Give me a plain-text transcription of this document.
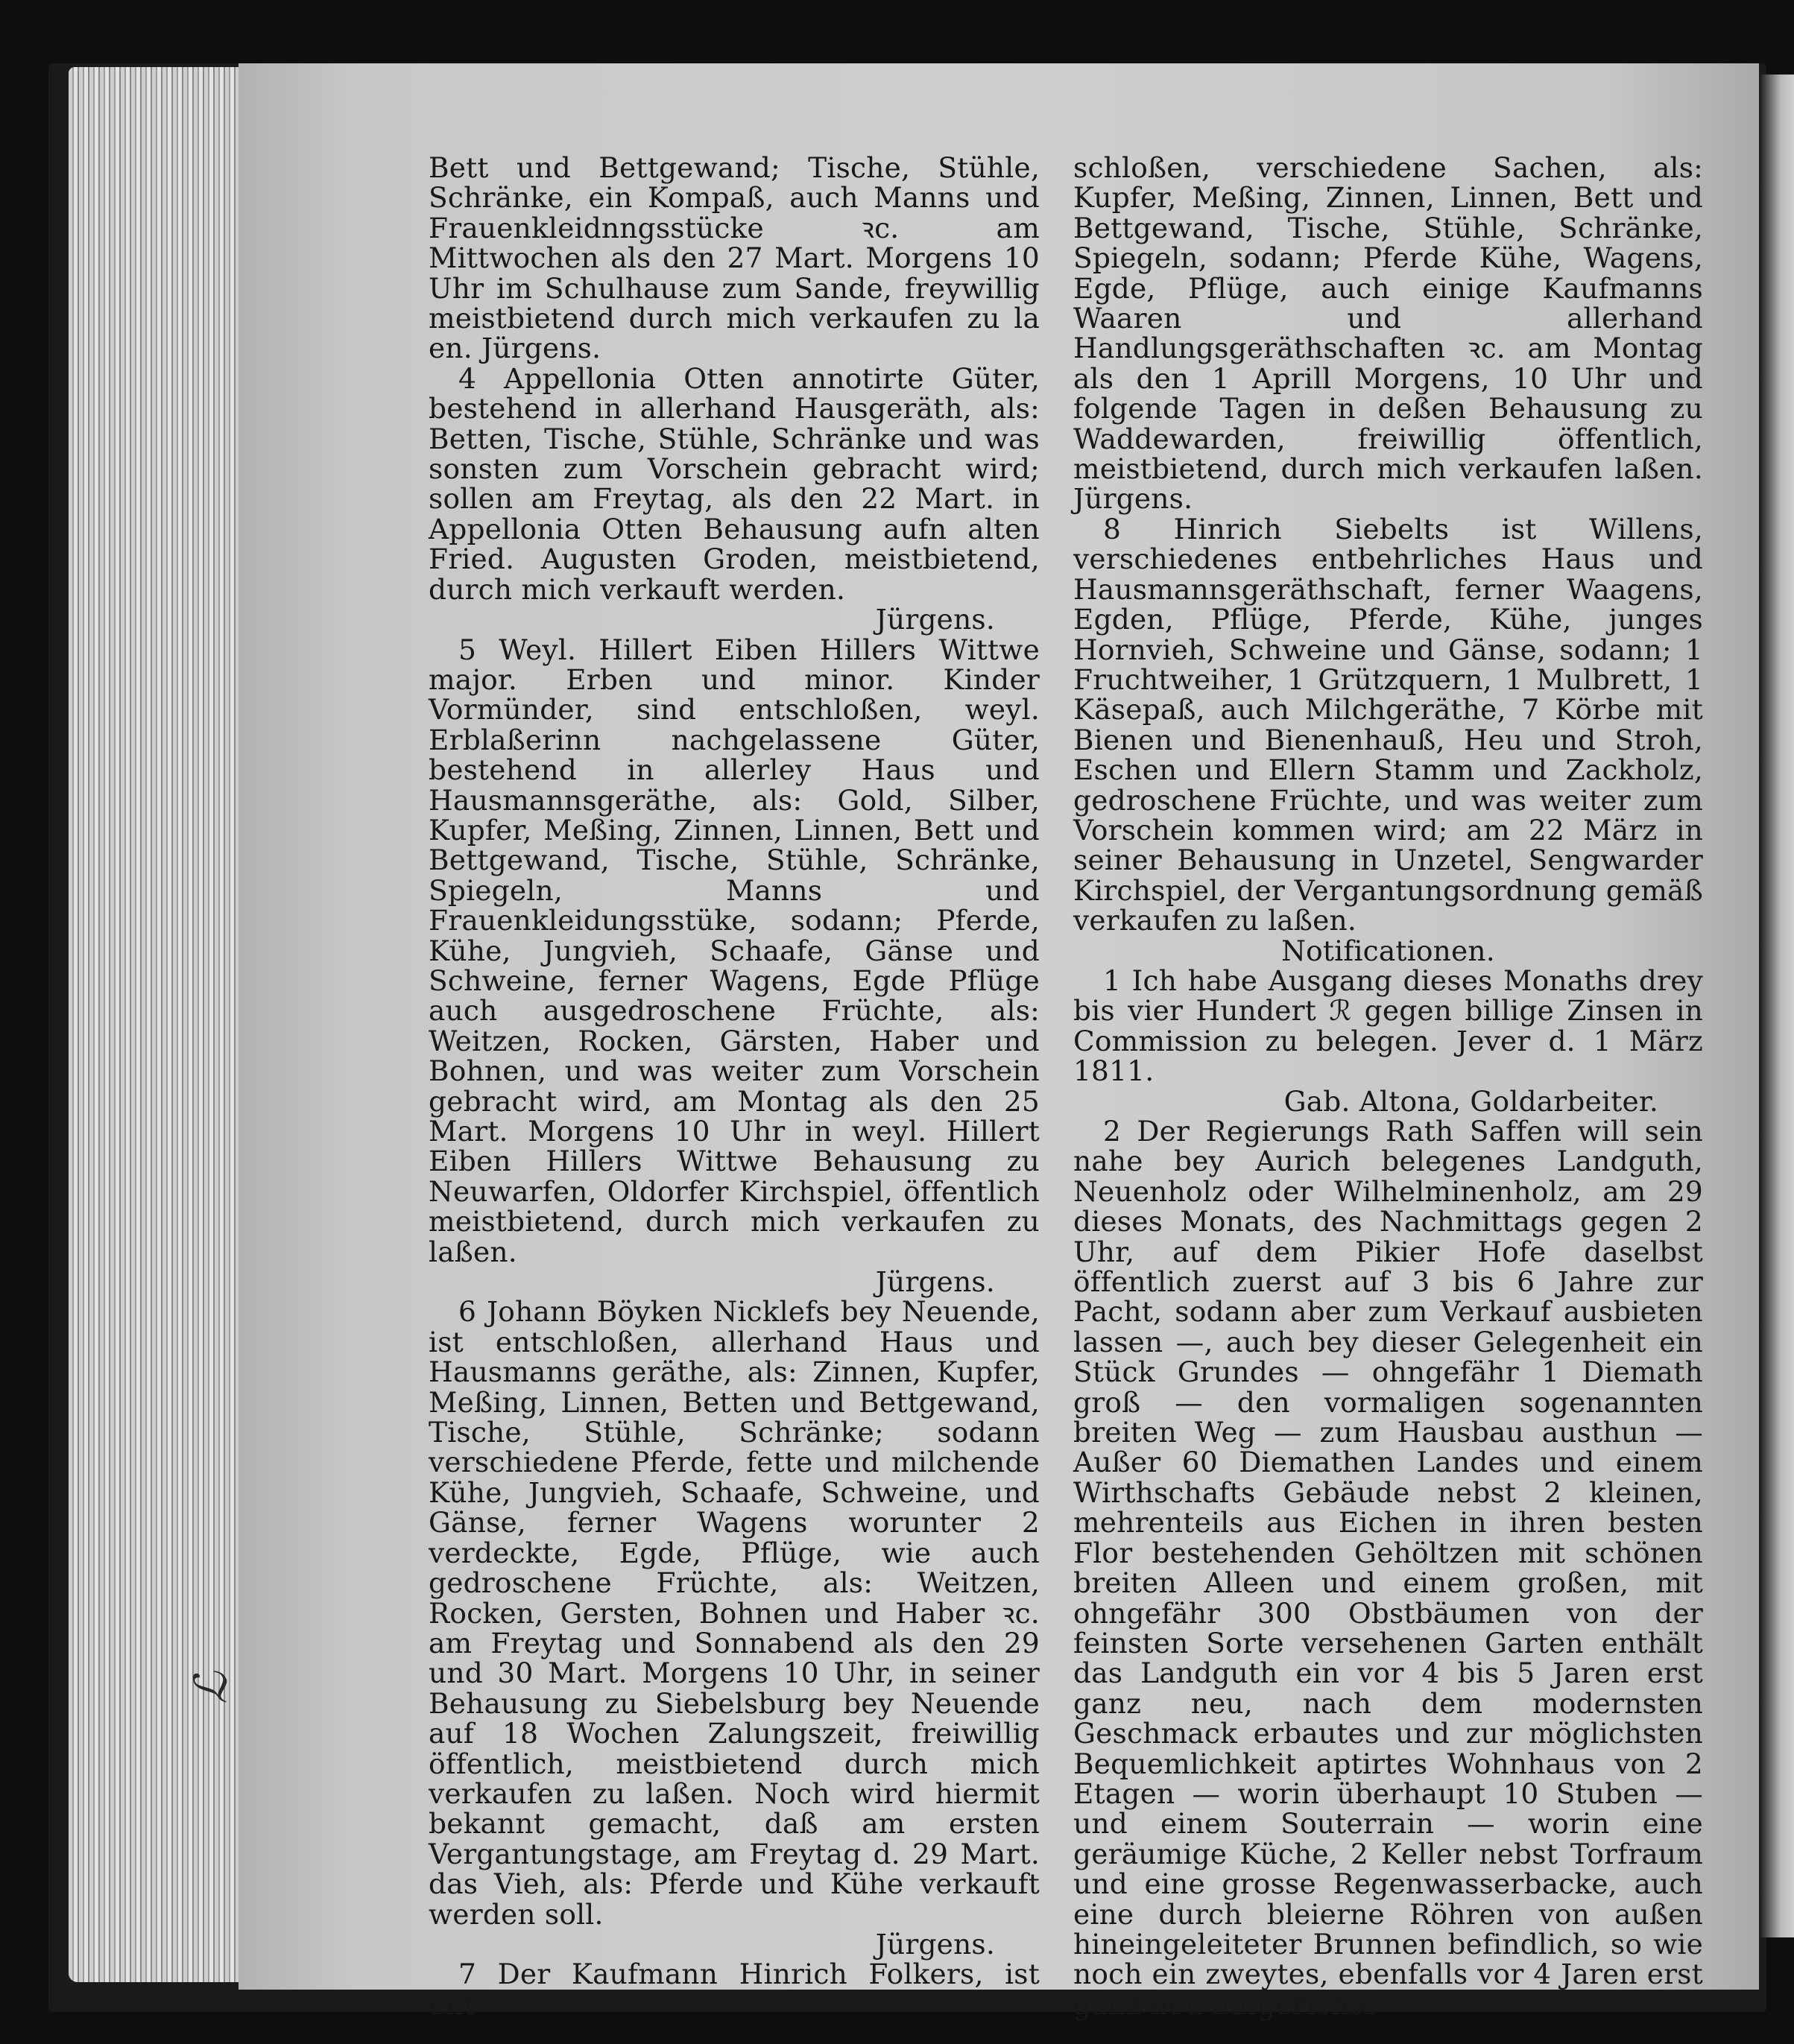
ℒ

Bett und Bettgewand; Tische, Stühle, Schränke, ein Kompaß, auch Manns und Frauenkleidnngsstücke ꝛc. am Mittwochen als den 27 Mart. Morgens 10 Uhr im Schulhause zum Sande, freywillig meistbietend durch mich verkaufen zu la en. Jürgens.

4 Appellonia Otten annotirte Güter, bestehend in allerhand Hausgeräth, als: Betten, Tische, Stühle, Schränke und was sonsten zum Vorschein gebracht wird; sollen am Freytag, als den 22 Mart. in Appellonia Otten Behausung aufn alten Fried. Augusten Groden, meistbietend, durch mich verkauft werden.

Jürgens.

5 Weyl. Hillert Eiben Hillers Wittwe major. Erben und minor. Kinder Vormünder, sind entschloßen, weyl. Erblaßerinn nachgelassene Güter, bestehend in allerley Haus und Hausmannsgeräthe, als: Gold, Silber, Kupfer, Meßing, Zinnen, Linnen, Bett und Bettgewand, Tische, Stühle, Schränke, Spiegeln, Manns und Frauenkleidungsstüke, sodann; Pferde, Kühe, Jungvieh, Schaafe, Gänse und Schweine, ferner Wagens, Egde Pflüge auch ausgedroschene Früchte, als: Weitzen, Rocken, Gärsten, Haber und Bohnen, und was weiter zum Vorschein gebracht wird, am Montag als den 25 Mart. Morgens 10 Uhr in weyl. Hillert Eiben Hillers Wittwe Behausung zu Neuwarfen, Oldorfer Kirchspiel, öffentlich meistbietend, durch mich verkaufen zu laßen.

Jürgens.

6 Johann Böyken Nicklefs bey Neuende, ist entschloßen, allerhand Haus und Hausmanns geräthe, als: Zinnen, Kupfer, Meßing, Linnen, Betten und Bettgewand, Tische, Stühle, Schränke; sodann verschiedene Pferde, fette und milchende Kühe, Jungvieh, Schaafe, Schweine, und Gänse, ferner Wagens worunter 2 verdeckte, Egde, Pflüge, wie auch gedroschene Früchte, als: Weitzen, Rocken, Gersten, Bohnen und Haber ꝛc. am Freytag und Sonnabend als den 29 und 30 Mart. Morgens 10 Uhr, in seiner Behausung zu Siebelsburg bey Neuende auf 18 Wochen Zalungszeit, freiwillig öffentlich, meistbietend durch mich verkaufen zu laßen. Noch wird hiermit bekannt gemacht, daß am ersten Vergantungstage, am Freytag d. 29 Mart. das Vieh, als: Pferde und Kühe verkauft werden soll.

Jürgens.

7 Der Kaufmann Hinrich Folkers, ist ent-

schloßen, verschiedene Sachen, als: Kupfer, Meßing, Zinnen, Linnen, Bett und Bettgewand, Tische, Stühle, Schränke, Spiegeln, sodann; Pferde Kühe, Wagens, Egde, Pflüge, auch einige Kaufmanns Waaren und allerhand Handlungsgeräthschaften ꝛc. am Montag als den 1 Aprill Morgens, 10 Uhr und folgende Tagen in deßen Behausung zu Waddewarden, freiwillig öffentlich, meistbietend, durch mich verkaufen laßen. Jürgens.

8 Hinrich Siebelts ist Willens, verschiedenes entbehrliches Haus und Hausmannsgeräthschaft, ferner Waagens, Egden, Pflüge, Pferde, Kühe, junges Hornvieh, Schweine und Gänse, sodann; 1 Fruchtweiher, 1 Grützquern, 1 Mulbrett, 1 Käsepaß, auch Milchgeräthe, 7 Körbe mit Bienen und Bienenhauß, Heu und Stroh, Eschen und Ellern Stamm und Zackholz, gedroschene Früchte, und was weiter zum Vorschein kommen wird; am 22 März in seiner Behausung in Unzetel, Sengwarder Kirchspiel, der Vergantungsordnung gemäß verkaufen zu laßen.

Notificationen.

1 Ich habe Ausgang dieses Monaths drey bis vier Hundert ℛ gegen billige Zinsen in Commission zu belegen. Jever d. 1 März 1811.

Gab. Altona, Goldarbeiter.

2 Der Regierungs Rath Saffen will sein nahe bey Aurich belegenes Landguth, Neuenholz oder Wilhelminenholz, am 29 dieses Monats, des Nachmittags gegen 2 Uhr, auf dem Pikier Hofe daselbst öffentlich zuerst auf 3 bis 6 Jahre zur Pacht, sodann aber zum Verkauf ausbieten lassen —, auch bey dieser Gelegenheit ein Stück Grundes — ohngefähr 1 Diemath groß — den vormaligen sogenannten breiten Weg — zum Hausbau austhun — Außer 60 Diemathen Landes und einem Wirthschafts Gebäude nebst 2 kleinen, mehrenteils aus Eichen in ihren besten Flor bestehenden Gehöltzen mit schönen breiten Alleen und einem großen, mit ohngefähr 300 Obstbäumen von der feinsten Sorte versehenen Garten enthält das Landguth ein vor 4 bis 5 Jaren erst ganz neu, nach dem modernsten Geschmack erbautes und zur möglichsten Bequemlichkeit aptirtes Wohnhaus von 2 Etagen — worin überhaupt 10 Stuben — und einem Souterrain — worin eine geräumige Küche, 2 Keller nebst Torfraum und eine grosse Regenwasserbacke, auch eine durch bleierne Röhren von außen hineingeleiteter Brunnen befindlich, so wie noch ein zweytes, ebenfalls vor 4 Jaren erst ganz neu aufgerichte-
